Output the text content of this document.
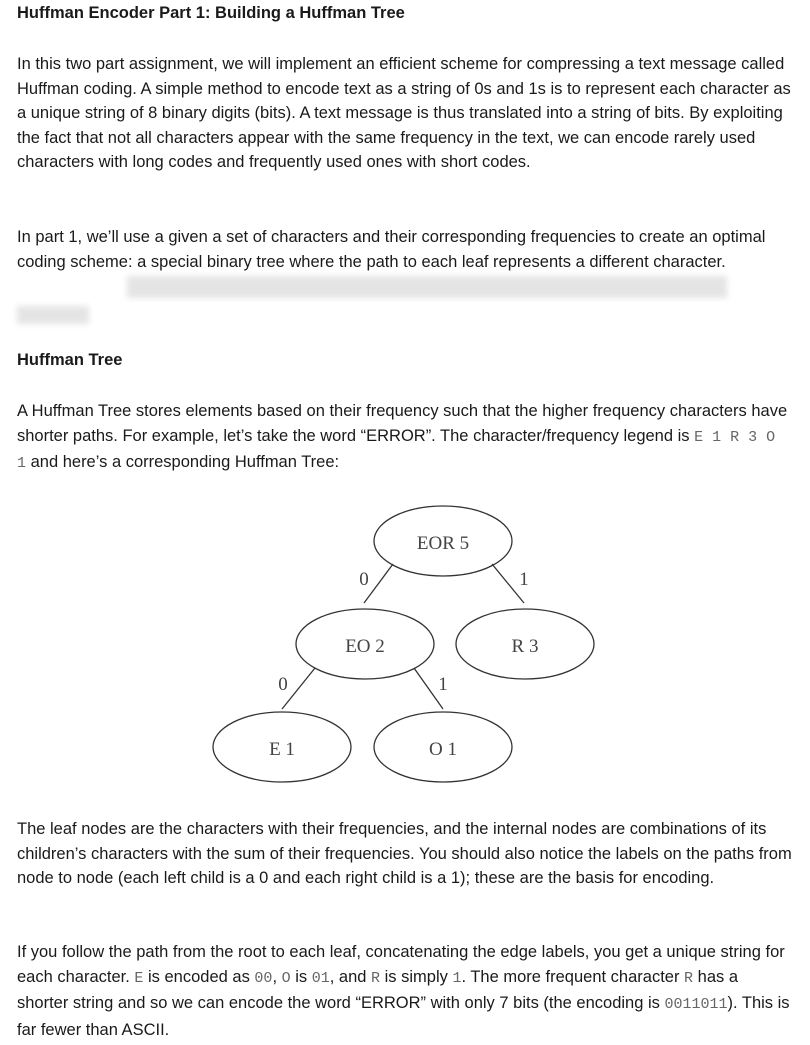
Huffman Encoder Part 1: Building a Huffman Tree

In this two part assignment, we will implement an efficient scheme for compressing a text message called Huffman coding. A simple method to encode text as a string of 0s and 1s is to represent each character as a unique string of 8 binary digits (bits). A text message is thus translated into a string of bits. By exploiting the fact that not all characters appear with the same frequency in the text, we can encode rarely used characters with long codes and frequently used ones with short codes.

In part 1, we’ll use a given a set of characters and their corresponding frequencies to create an optimal coding scheme: a special binary tree where the path to each leaf represents a different character.

Huffman Tree

A Huffman Tree stores elements based on their frequency such that the higher frequency characters have shorter paths. For example, let’s take the word “ERROR”. The character/frequency legend is E 1 R 3 O 1 and here’s a corresponding Huffman Tree:

The leaf nodes are the characters with their frequencies, and the internal nodes are combinations of its children’s characters with the sum of their frequencies. You should also notice the labels on the paths from node to node (each left child is a 0 and each right child is a 1); these are the basis for encoding.

If you follow the path from the root to each leaf, concatenating the edge labels, you get a unique string for each character. E is encoded as 00, O is 01, and R is simply 1. The more frequent character R has a shorter string and so we can encode the word “ERROR” with only 7 bits (the encoding is 0011011). This is far fewer than ASCII.

EOR 5
EO 2	R 3
E 1	O 1
0	1
0	1
